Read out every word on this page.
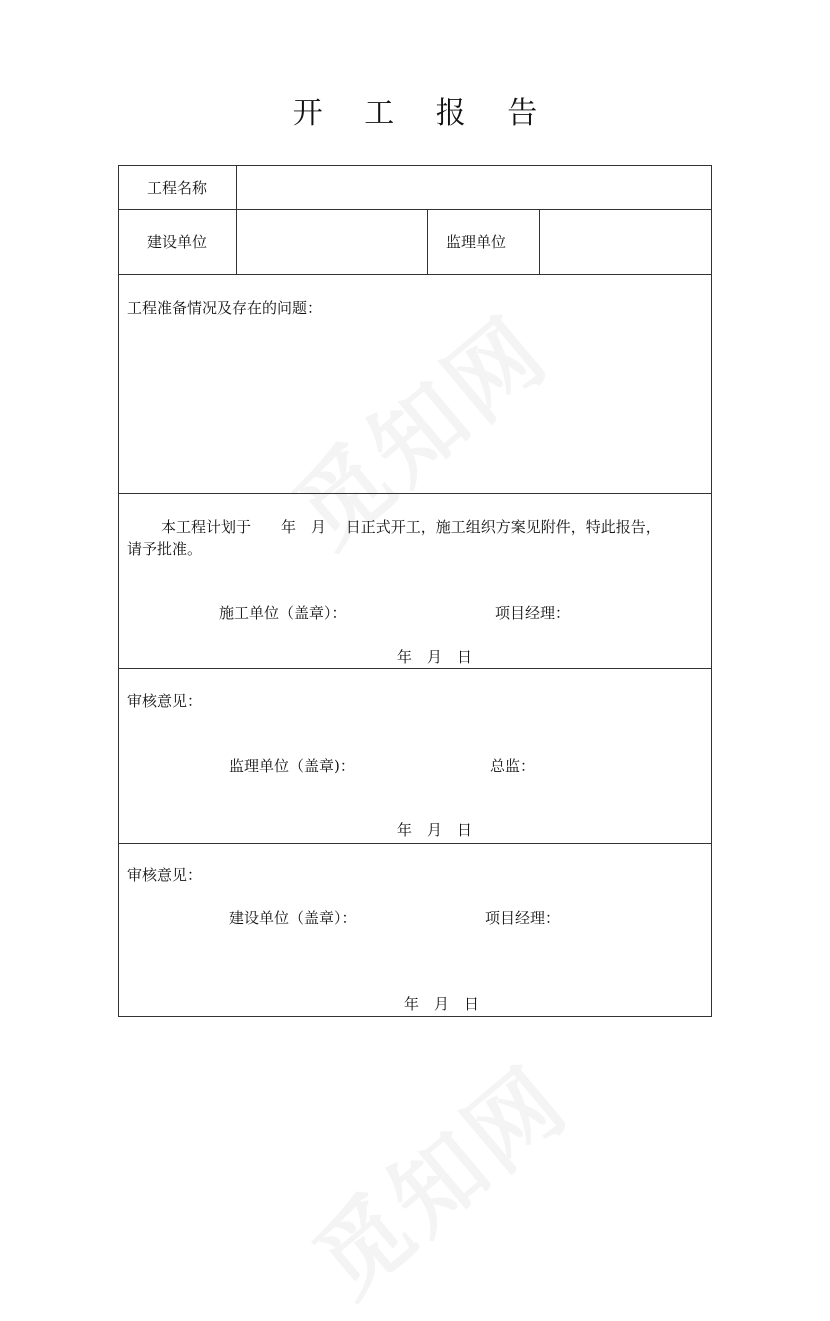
开 工 报 告
工程名称
建设单位	监理单位
工程准备情况及存在的问题：
本工程计划于　　年　月　 日正式开工，施工组织方案见附件，特此报告，
请予批准。
施工单位（盖章）：	项目经理：
年　月　日
审核意见：
监理单位（盖章)：	总监：
年　月　日
审核意见：
建设单位（盖章）：	项目经理：
年　月　日
